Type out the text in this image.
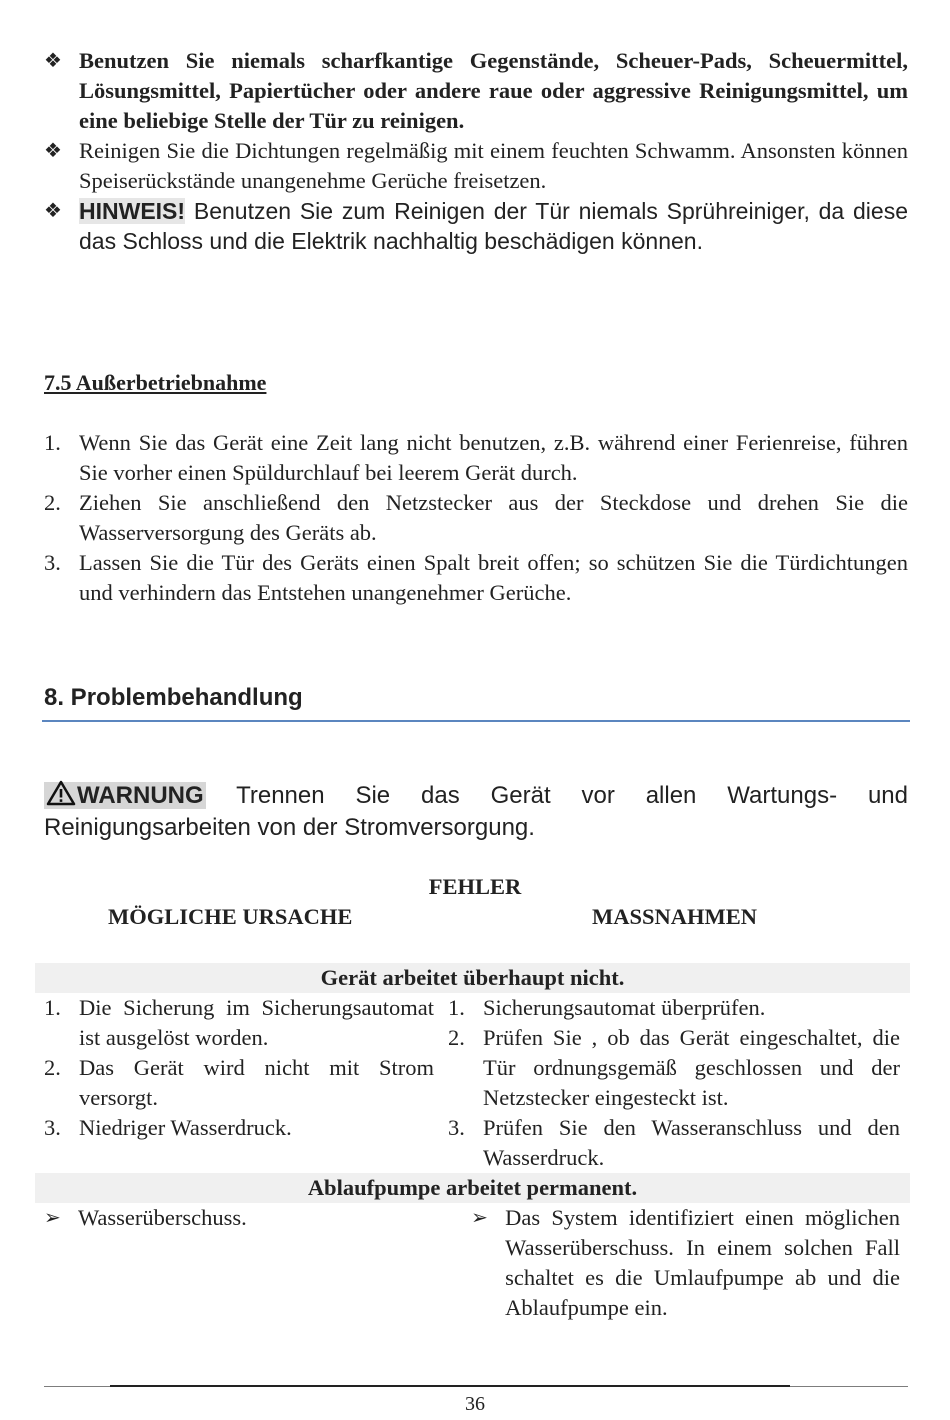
❖ Benutzen Sie niemals scharfkantige Gegenstände, Scheuer-Pads, Scheuermittel, Lösungsmittel, Papiertücher oder andere raue oder aggressive Reinigungsmittel, um eine beliebige Stelle der Tür zu reinigen.
❖ Reinigen Sie die Dichtungen regelmäßig mit einem feuchten Schwamm. Ansonsten können Speiserückstände unangenehme Gerüche freisetzen.
❖ HINWEIS! Benutzen Sie zum Reinigen der Tür niemals Sprühreiniger, da diese das Schloss und die Elektrik nachhaltig beschädigen können.
7.5 Außerbetriebnahme
1. Wenn Sie das Gerät eine Zeit lang nicht benutzen, z.B. während einer Ferienreise, führen Sie vorher einen Spüldurchlauf bei leerem Gerät durch.
2. Ziehen Sie anschließend den Netzstecker aus der Steckdose und drehen Sie die Wasserversorgung des Geräts ab.
3. Lassen Sie die Tür des Geräts einen Spalt breit offen; so schützen Sie die Türdichtungen und verhindern das Entstehen unangenehmer Gerüche.
8. Problembehandlung
WARNUNG Trennen Sie das Gerät vor allen Wartungs- und Reinigungsarbeiten von der Stromversorgung.
FEHLER
MÖGLICHE URSACHE	MASSNAHMEN
Gerät arbeitet überhaupt nicht.
1. Die Sicherung im Sicherungsautomat ist ausgelöst worden.
2. Das Gerät wird nicht mit Strom versorgt.
3. Niedriger Wasserdruck.
1. Sicherungsautomat überprüfen.
2. Prüfen Sie , ob das Gerät eingeschaltet, die Tür ordnungsgemäß geschlossen und der Netzstecker eingesteckt ist.
3. Prüfen Sie den Wasseranschluss und den Wasserdruck.
Ablaufpumpe arbeitet permanent.
➢ Wasserüberschuss.	➢ Das System identifiziert einen möglichen Wasserüberschuss. In einem solchen Fall schaltet es die Umlaufpumpe ab und die Ablaufpumpe ein.
36
